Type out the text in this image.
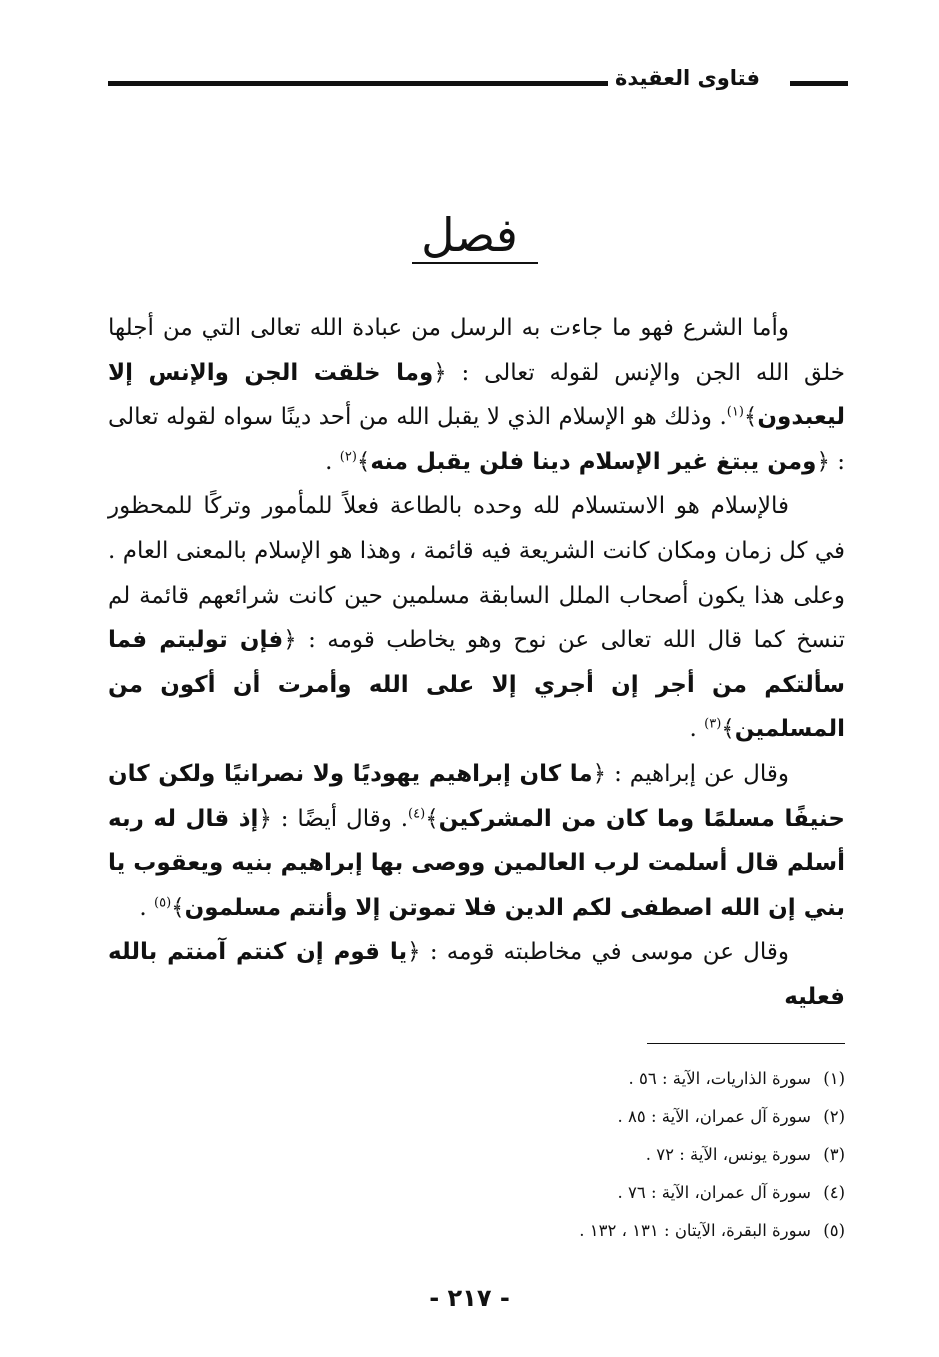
فتاوى العقيدة
فصل

وأما الشرع فهو ما جاءت به الرسل من عبادة الله تعالى التي من أجلها خلق الله الجن والإنس لقوله تعالى : ﴿وما خلقت الجن والإنس إلا ليعبدون﴾$^{(١)}$. وذلك هو الإسلام الذي لا يقبل الله من أحد دينًا سواه لقوله تعالى : ﴿ومن يبتغ غير الإسلام دينا فلن يقبل منه﴾$^{(٢)}$ .

فالإسلام هو الاستسلام لله وحده بالطاعة فعلاً للمأمور وتركًا للمحظور في كل زمان ومكان كانت الشريعة فيه قائمة ، وهذا هو الإسلام بالمعنى العام . وعلى هذا يكون أصحاب الملل السابقة مسلمين حين كانت شرائعهم قائمة لم تنسخ كما قال الله تعالى عن نوح وهو يخاطب قومه : ﴿فإن توليتم فما سألتكم من أجر إن أجري إلا على الله وأمرت أن أكون من المسلمين﴾$^{(٣)}$ .

وقال عن إبراهيم : ﴿ما كان إبراهيم يهوديًا ولا نصرانيًا ولكن كان حنيفًا مسلمًا وما كان من المشركين﴾$^{(٤)}$. وقال أيضًا : ﴿إذ قال له ربه أسلم قال أسلمت لرب العالمين ووصى بها إبراهيم بنيه ويعقوب يا بني إن الله اصطفى لكم الدين فلا تموتن إلا وأنتم مسلمون﴾$^{(٥)}$ .

وقال عن موسى في مخاطبته قومه : ﴿يا قوم إن كنتم آمنتم بالله فعليه

(١)سورة الذاريات، الآية : ٥٦ .
(٢)سورة آل عمران، الآية : ٨٥ .
(٣)سورة يونس، الآية : ٧٢ .
(٤)سورة آل عمران، الآية : ٧٦ .
(٥)سورة البقرة، الآيتان : ١٣١ ، ١٣٢ .
- ٢١٧ -
